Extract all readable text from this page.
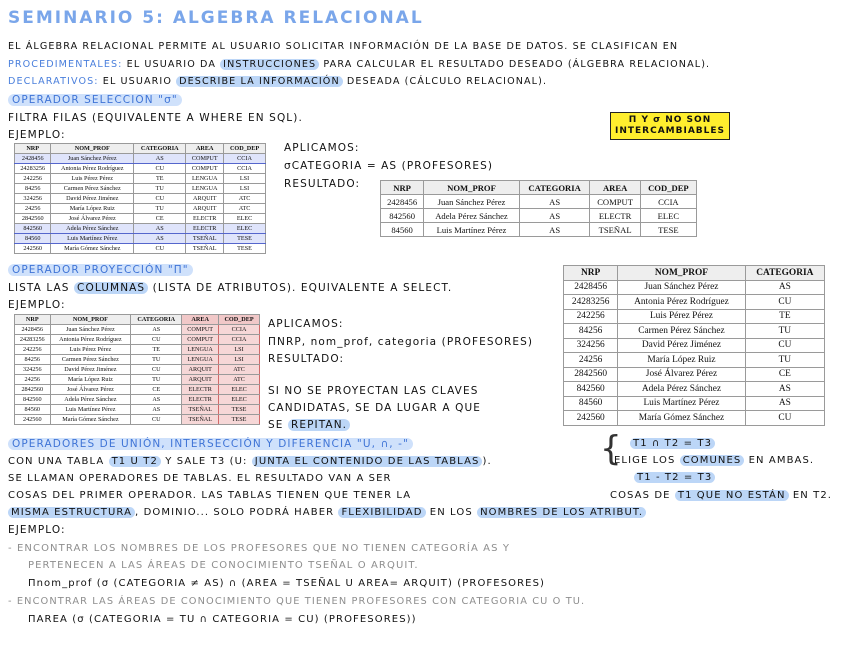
SEMINARIO 5: ALGEBRA RELACIONAL
EL ÁLGEBRA RELACIONAL PERMITE AL USUARIO SOLICITAR INFORMACIÓN DE LA BASE DE DATOS. SE CLASIFICAN EN
PROCEDIMENTALES: EL USUARIO DA INSTRUCCIONES PARA CALCULAR EL RESULTADO DESEADO (ÁLGEBRA RELACIONAL).
DECLARATIVOS: EL USUARIO DESCRIBE LA INFORMACIÓN DESEADA (CÁLCULO RELACIONAL).
OPERADOR SELECCION "σ"
FILTRA FILAS (EQUIVALENTE A WHERE EN SQL).
EJEMPLO:
Π Y σ NO SON
INTERCAMBIABLES
NRP	NOM_PROF	CATEGORIA	AREA	COD_DEP
2428456	Juan Sánchez Pérez	AS	COMPUT	CCIA
24283256	Antonia Pérez Rodríguez	CU	COMPUT	CCIA
242256	Luis Pérez Pérez	TE	LENGUA	LSI
84256	Carmen Pérez Sánchez	TU	LENGUA	LSI
324256	David Pérez Jiménez	CU	ARQUIT	ATC
24256	María López Ruiz	TU	ARQUIT	ATC
2842560	José Álvarez Pérez	CE	ELECTR	ELEC
842560	Adela Pérez Sánchez	AS	ELECTR	ELEC
84560	Luis Martínez Pérez	AS	TSEÑAL	TESE
242560	María Gómez Sánchez	CU	TSEÑAL	TESE
APLICAMOS:
σCATEGORIA = AS (PROFESORES)
RESULTADO:	NRP	NOM_PROF	CATEGORIA	AREA	COD_DEP
2428456	Juan Sánchez Pérez	AS	COMPUT	CCIA
842560	Adela Pérez Sánchez	AS	ELECTR	ELEC
84560	Luis Martínez Pérez	AS	TSEÑAL	TESE
OPERADOR PROYECCIÓN "Π"
LISTA LAS COLUMNAS (LISTA DE ATRIBUTOS). EQUIVALENTE A SELECT.
EJEMPLO:
NRP	NOM_PROF	CATEGORIA	AREA	COD_DEP
2428456	Juan Sánchez Pérez	AS	COMPUT	CCIA
24283256	Antonia Pérez Rodríguez	CU	COMPUT	CCIA
242256	Luis Pérez Pérez	TE	LENGUA	LSI
84256	Carmen Pérez Sánchez	TU	LENGUA	LSI
324256	David Pérez Jiménez	CU	ARQUIT	ATC
24256	María López Ruiz	TU	ARQUIT	ATC
2842560	José Álvarez Pérez	CE	ELECTR	ELEC
842560	Adela Pérez Sánchez	AS	ELECTR	ELEC
84560	Luis Martínez Pérez	AS	TSEÑAL	TESE
242560	María Gómez Sánchez	CU	TSEÑAL	TESE
APLICAMOS:
ΠNRP, nom_prof, categoria (PROFESORES)
RESULTADO:
SI NO SE PROYECTAN LAS CLAVES
CANDIDATAS, SE DA LUGAR A QUE
SE REPITAN.
NRP	NOM_PROF	CATEGORIA
2428456	Juan Sánchez Pérez	AS
24283256	Antonia Pérez Rodríguez	CU
242256	Luis Pérez Pérez	TE
84256	Carmen Pérez Sánchez	TU
324256	David Pérez Jiménez	CU
24256	María López Ruiz	TU
2842560	José Álvarez Pérez	CE
842560	Adela Pérez Sánchez	AS
84560	Luis Martínez Pérez	AS
242560	María Gómez Sánchez	CU
OPERADORES DE UNIÓN, INTERSECCIÓN Y DIFERENCIA "U, ∩, -"
CON UNA TABLA T1 U T2 Y SALE T3 (U: JUNTA EL CONTENIDO DE LAS TABLAS ).
SE LLAMAN OPERADORES DE TABLAS. EL RESULTADO VAN A SER
COSAS DEL PRIMER OPERADOR. LAS TABLAS TIENEN QUE TENER LA
{	T1 ∩ T2 = T3
ELIGE LOS COMUNES EN AMBAS.
T1 - T2 = T3
COSAS DE T1 QUE NO ESTÁN EN T2.
MISMA ESTRUCTURA , DOMINIO... SOLO PODRÁ HABER FLEXIBILIDAD EN LOS NOMBRES DE LOS ATRIBUT.
EJEMPLO:
- ENCONTRAR LOS NOMBRES DE LOS PROFESORES QUE NO TIENEN CATEGORÍA AS Y
PERTENECEN A LAS ÁREAS DE CONOCIMIENTO TSEÑAL O ARQUIT.
Πnom_prof (σ (CATEGORIA ≠ AS) ∩ (AREA = TSEÑAL U AREA= ARQUIT) (PROFESORES)
- ENCONTRAR LAS ÁREAS DE CONOCIMIENTO QUE TIENEN PROFESORES CON CATEGORIA CU O TU.
ΠAREA (σ (CATEGORIA = TU ∩ CATEGORIA = CU) (PROFESORES))
